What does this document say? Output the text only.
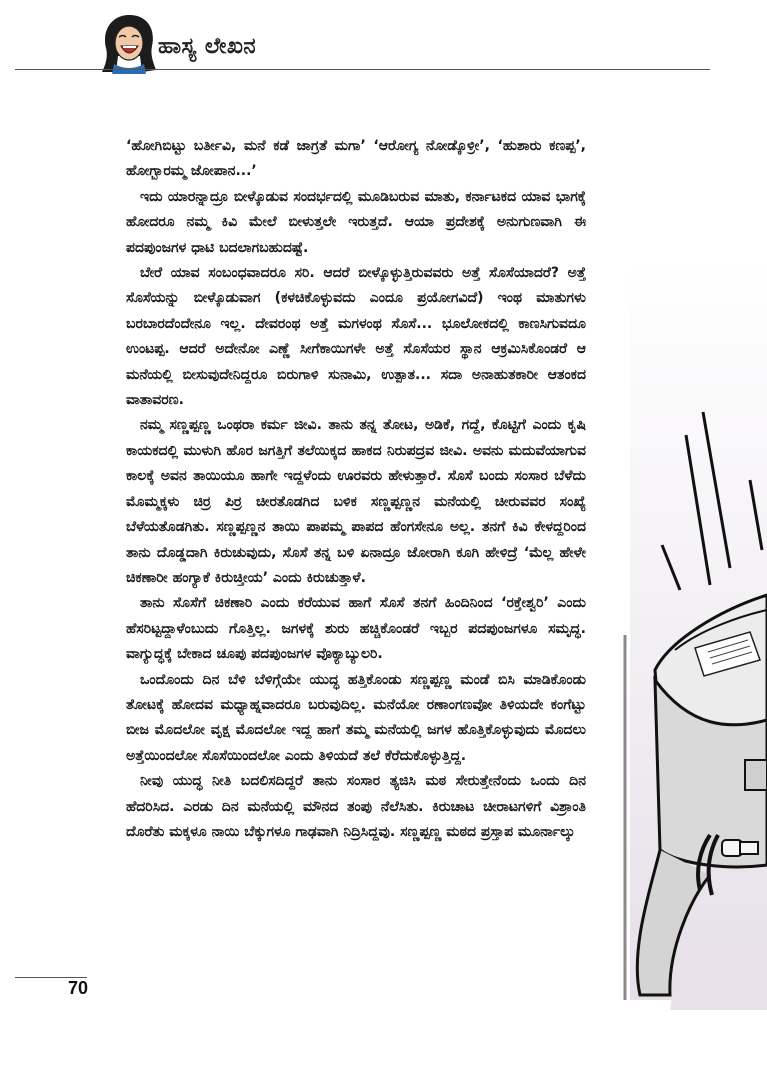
ಹಾಸ್ಯ ಲೇಖನ

‘ಹೋಗಿಬಿಟ್ಟು ಬರ್ತೀವಿ, ಮನೆ ಕಡೆ ಜಾಗ್ರತೆ ಮಗಾ’ ‘ಆರೋಗ್ಯ ನೋಡ್ಕೊಳ್ರೀ’, ‘ಹುಶಾರು ಕಣಪ್ಪ’, ಹೋಗ್ಬಾರಮ್ಮ ಜೋಪಾನ...’

ಇದು ಯಾರನ್ನಾದ್ರೂ ಬೀಳ್ಕೊಡುವ ಸಂದರ್ಭದಲ್ಲಿ ಮೂಡಿಬರುವ ಮಾತು, ಕರ್ನಾಟಕದ ಯಾವ ಭಾಗಕ್ಕೆ ಹೋದರೂ ನಮ್ಮ ಕಿವಿ ಮೇಲೆ ಬೀಳುತ್ತಲೇ ಇರುತ್ತದೆ. ಆಯಾ ಪ್ರದೇಶಕ್ಕೆ ಅನುಗುಣವಾಗಿ ಈ ಪದಪುಂಜಗಳ ಧಾಟಿ ಬದಲಾಗಬಹುದಷ್ಟೆ.

ಬೇರೆ ಯಾವ ಸಂಬಂಧವಾದರೂ ಸರಿ. ಆದರೆ ಬೀಳ್ಕೊಳ್ಳುತ್ತಿರುವವರು ಅತ್ತೆ ಸೊಸೆಯಾದರೆ? ಅತ್ತೆ ಸೊಸೆಯನ್ನು ಬೀಳ್ಕೊಡುವಾಗ (ಕಳಚಿಕೊಳ್ಳುವದು ಎಂದೂ ಪ್ರಯೋಗವಿದೆ) ಇಂಥ ಮಾತುಗಳು ಬರಬಾರದೆಂದೇನೂ ಇಲ್ಲ. ದೇವರಂಥ ಅತ್ತೆ ಮಗಳಂಥ ಸೊಸೆ... ಭೂಲೋಕದಲ್ಲಿ ಕಾಣಸಿಗುವದೂ ಉಂಟಪ್ಪ. ಆದರೆ ಅದೇನೋ ಎಣ್ಣೆ ಸೀಗೆಕಾಯಿಗಳೇ ಅತ್ತೆ ಸೊಸೆಯರ ಸ್ಥಾನ ಆಕ್ರಮಿಸಿಕೊಂಡರೆ ಆ ಮನೆಯಲ್ಲಿ ಬೀಸುವುದೇನಿದ್ದರೂ ಬಿರುಗಾಳಿ ಸುನಾಮಿ, ಉತ್ಪಾತ... ಸದಾ ಅನಾಹುತಕಾರೀ ಆತಂಕದ ವಾತಾವರಣ.

ನಮ್ಮ ಸಣ್ಣಪ್ಪಣ್ಣ ಒಂಥರಾ ಕರ್ಮ ಜೀವಿ. ತಾನು ತನ್ನ ತೋಟ, ಅಡಿಕೆ, ಗದ್ದೆ, ಕೊಟ್ಟಿಗೆ ಎಂದು ಕೃಷಿ ಕಾಯಕದಲ್ಲಿ ಮುಳುಗಿ ಹೊರ ಜಗತ್ತಿಗೆ ತಲೆಯಿಕ್ಕದ ಹಾಕದ ನಿರುಪದ್ರವ ಜೀವಿ. ಅವನು ಮದುವೆಯಾಗುವ ಕಾಲಕ್ಕೆ ಅವನ ತಾಯಿಯೂ ಹಾಗೇ ಇದ್ದಳೆಂದು ಊರವರು ಹೇಳುತ್ತಾರೆ. ಸೊಸೆ ಬಂದು ಸಂಸಾರ ಬೆಳೆದು ಮೊಮ್ಮಕ್ಕಳು ಚಿರ್ರ ಪಿರ್ರ ಚೀರತೊಡಗಿದ ಬಳಿಕ ಸಣ್ಣಪ್ಪಣ್ಣನ ಮನೆಯಲ್ಲಿ ಚೀರುವವರ ಸಂಖ್ಯೆ ಬೆಳೆಯತೊಡಗಿತು. ಸಣ್ಣಪ್ಪಣ್ಣನ ತಾಯಿ ಪಾಪಮ್ಮ ಪಾಪದ ಹೆಂಗಸೇನೂ ಅಲ್ಲ. ತನಗೆ ಕಿವಿ ಕೇಳದ್ದರಿಂದ ತಾನು ದೊಡ್ಡದಾಗಿ ಕಿರುಚುವುದು, ಸೊಸೆ ತನ್ನ ಬಳಿ ಏನಾದ್ರೂ ಜೋರಾಗಿ ಕೂಗಿ ಹೇಳಿದ್ರೆ ‘ಮೆಲ್ಲ ಹೇಳೇ ಚಿಕಣಾರೀ ಹಂಗ್ಯಾಕೆ ಕಿರುಚ್ತೀಯ’ ಎಂದು ಕಿರುಚುತ್ತಾಳೆ.

ತಾನು ಸೊಸೆಗೆ ಚಿಕಣಾರಿ ಎಂದು ಕರೆಯುವ ಹಾಗೆ ಸೊಸೆ ತನಗೆ ಹಿಂದಿನಿಂದ ‘ರಕ್ತೇಶ್ವರಿ’ ಎಂದು ಹೆಸರಿಟ್ಟದ್ದಾಳೆಂಬುದು ಗೊತ್ತಿಲ್ಲ. ಜಗಳಕ್ಕೆ ಶುರು ಹಚ್ಚಿಕೊಂಡರೆ ಇಬ್ಬರ ಪದಪುಂಜಗಳೂ ಸಮೃದ್ಧ. ವಾಗ್ಯುದ್ಧಕ್ಕೆ ಬೇಕಾದ ಚೂಪು ಪದಪುಂಜಗಳ ವೊಕ್ಯಾಬ್ಯುಲರಿ.

ಒಂದೊಂದು ದಿನ ಬೆಳಿ ಬೆಳಿಗ್ಗೆಯೇ ಯುದ್ಧ ಹತ್ತಿಕೊಂಡು ಸಣ್ಣಪ್ಪಣ್ಣ ಮಂಡೆ ಬಿಸಿ ಮಾಡಿಕೊಂಡು ತೋಟಕ್ಕೆ ಹೋದವ ಮಧ್ಯಾಹ್ನವಾದರೂ ಬರುವುದಿಲ್ಲ. ಮನೆಯೋ ರಣಾಂಗಣವೋ ತಿಳಿಯದೇ ಕಂಗೆಟ್ಟು ಬೀಜ ಮೊದಲೋ ವೃಕ್ಷ ಮೊದಲೋ ಇದ್ದ ಹಾಗೆ ತಮ್ಮ ಮನೆಯಲ್ಲಿ ಜಗಳ ಹೊತ್ತಿಕೊಳ್ಳುವುದು ಮೊದಲು ಅತ್ತೆಯಿಂದಲೋ ಸೊಸೆಯಿಂದಲೋ ಎಂದು ತಿಳಿಯದೆ ತಲೆ ಕೆರೆದುಕೊಳ್ಳುತ್ತಿದ್ದ.

ನೀವು ಯುದ್ಧ ನೀತಿ ಬದಲಿಸದಿದ್ದರೆ ತಾನು ಸಂಸಾರ ತ್ಯಜಿಸಿ ಮಠ ಸೇರುತ್ತೇನೆಂದು ಒಂದು ದಿನ ಹೆದರಿಸಿದ. ಎರಡು ದಿನ ಮನೆಯಲ್ಲಿ ಮೌನದ ತಂಪು ನೆಲೆಸಿತು. ಕಿರುಚಾಟ ಚೀರಾಟಗಳಿಗೆ ವಿಶ್ರಾಂತಿ ದೊರೆತು ಮಕ್ಕಳೂ ನಾಯಿ ಬೆಕ್ಕುಗಳೂ ಗಾಢವಾಗಿ ನಿದ್ರಿಸಿದ್ದವು. ಸಣ್ಣಪ್ಪಣ್ಣ ಮಠದ ಪ್ರಸ್ತಾಪ ಮೂರ್ನಾಲ್ಕು

70
